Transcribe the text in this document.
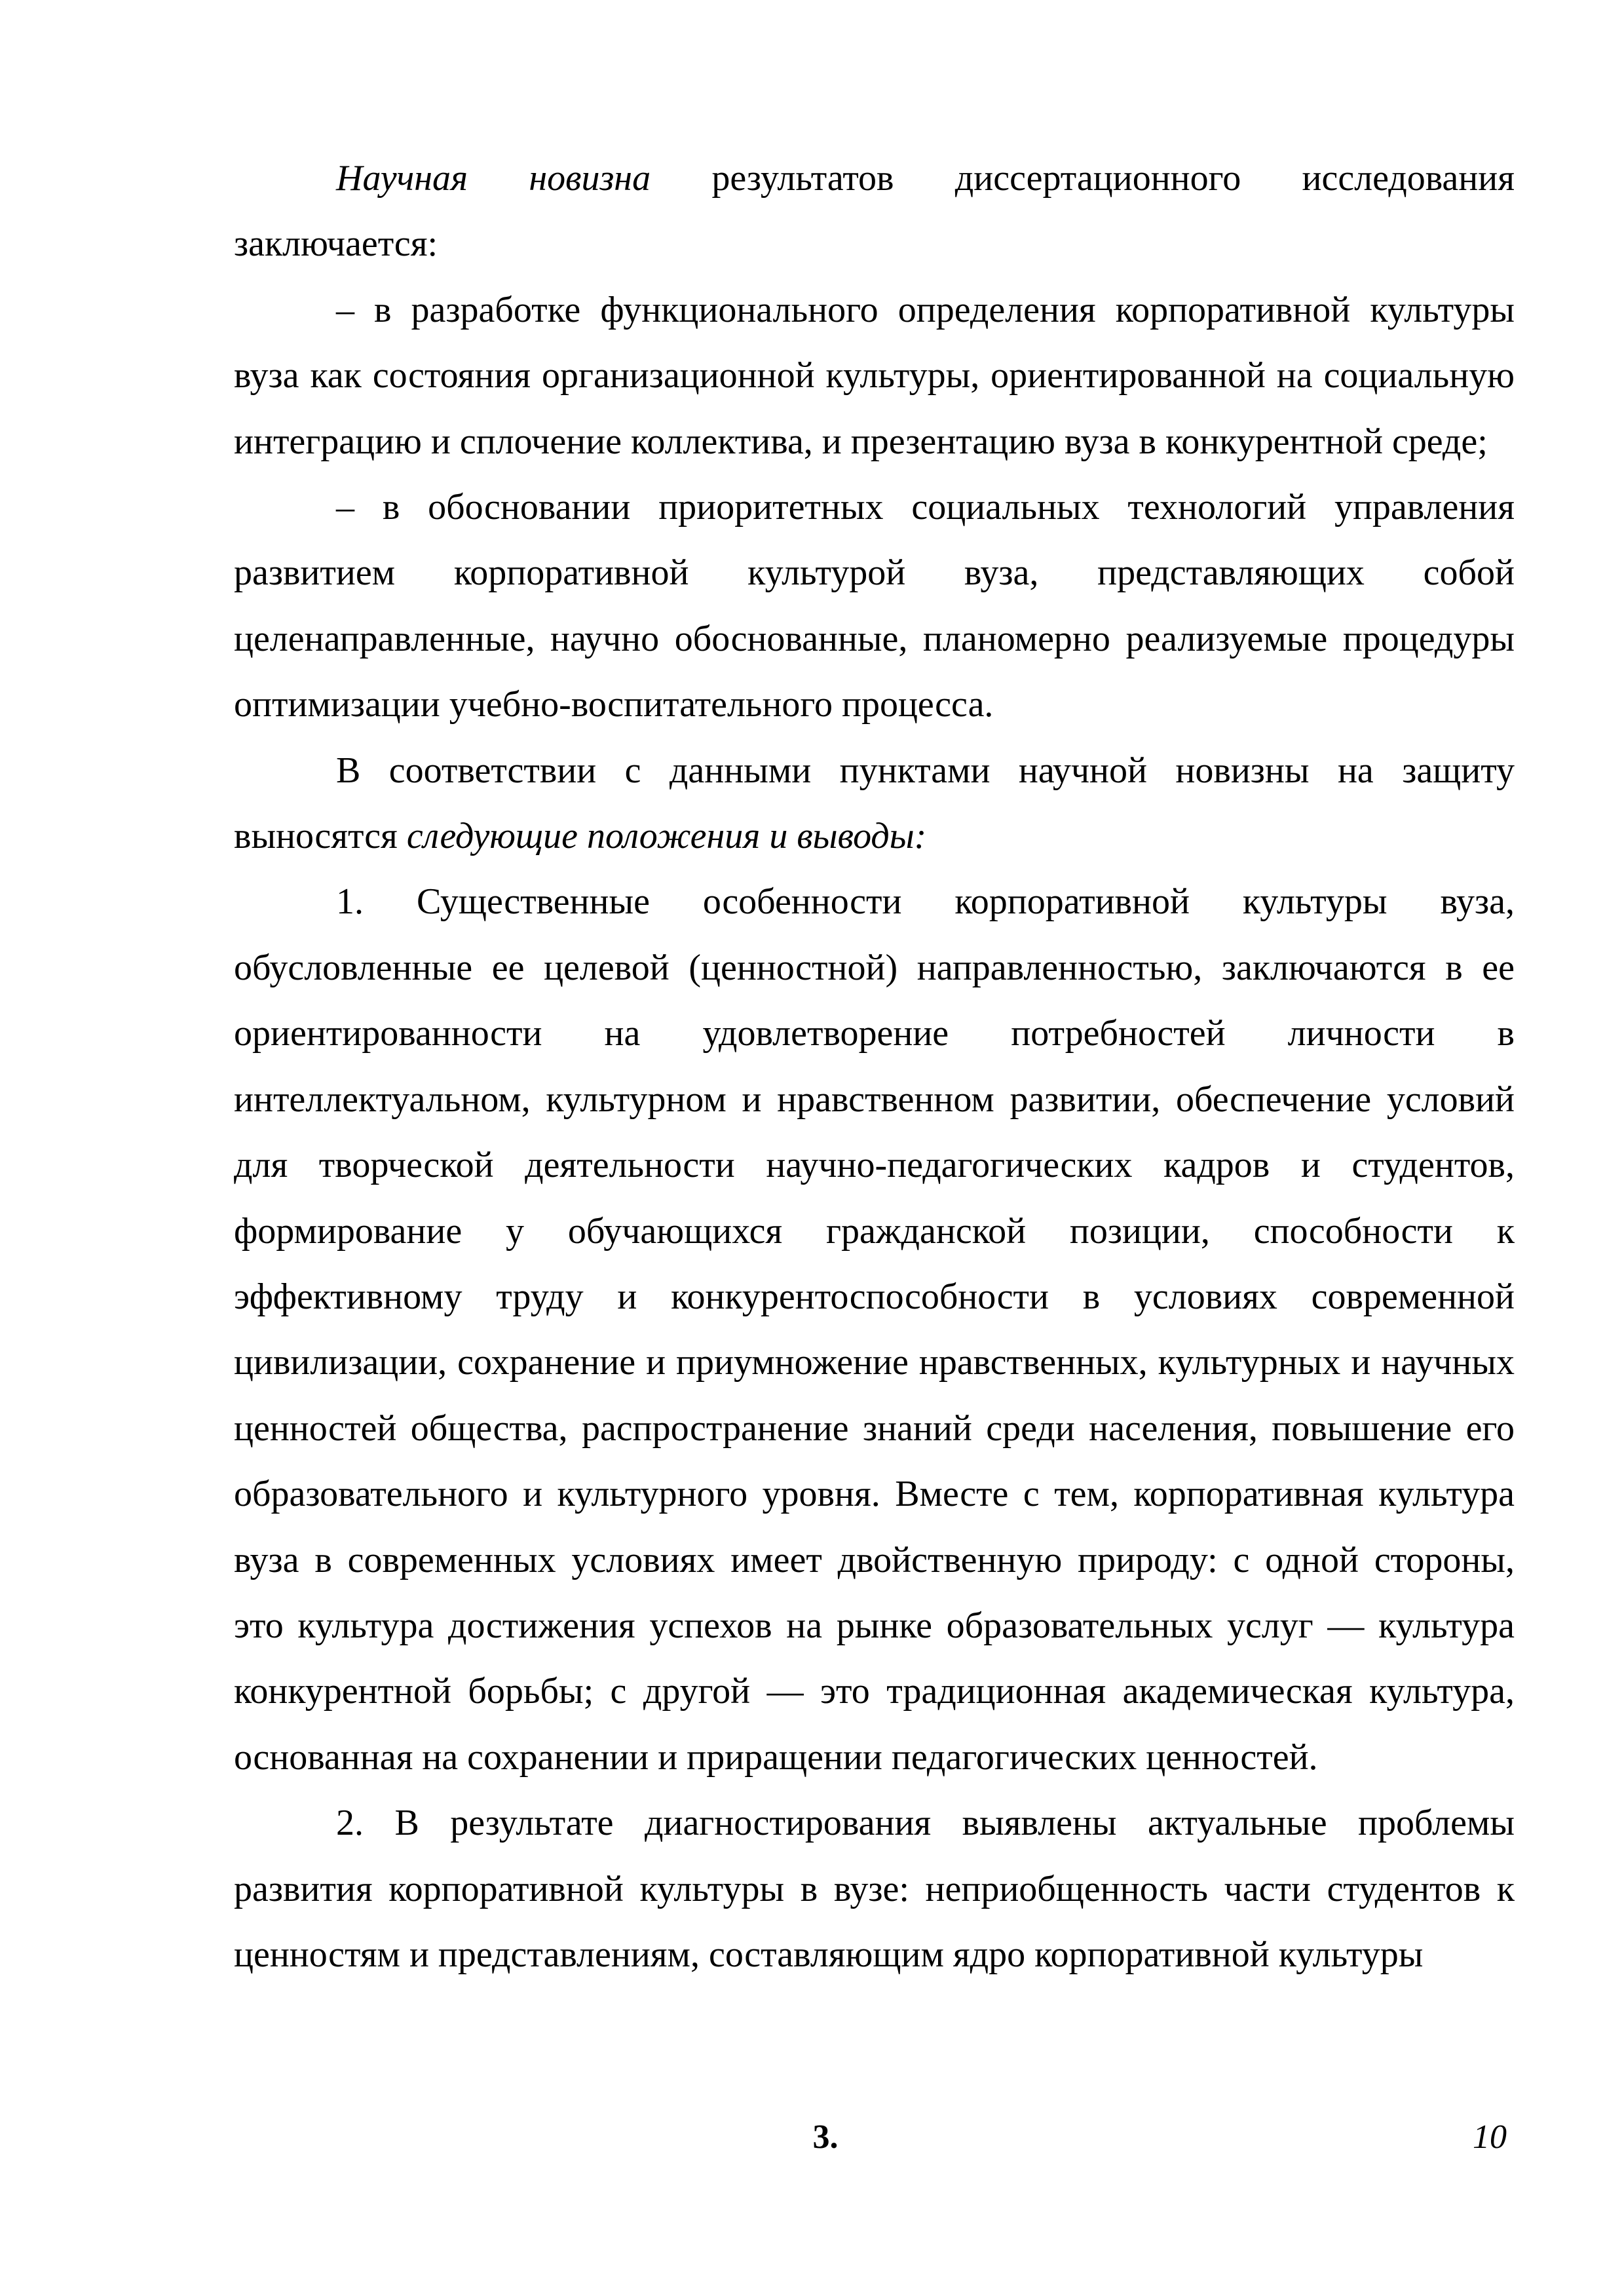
Научная новизна результатов диссертационного исследования заключается:

– в разработке функционального определения корпоративной культуры вуза как состояния организационной культуры, ориентированной на социальную интеграцию и сплочение коллектива, и презентацию вуза в конкурентной среде;

– в обосновании приоритетных социальных технологий управления развитием корпоративной культурой вуза, представляющих собой целенаправленные, научно обоснованные, планомерно реализуемые процедуры оптимизации учебно-воспитательного процесса.

В соответствии с данными пунктами научной новизны на защиту выносятся следующие положения и выводы:

1. Существенные особенности корпоративной культуры вуза, обусловленные ее целевой (ценностной) направленностью, заключаются в ее ориентированности на удовлетворение потребностей личности в интеллектуальном, культурном и нравственном развитии, обеспечение условий для творческой деятельности научно-педагогических кадров и студентов, формирование у обучающихся гражданской позиции, способности к эффективному труду и конкурентоспособности в условиях современной цивилизации, сохранение и приумножение нравственных, культурных и научных ценностей общества, распространение знаний среди населения, повышение его образовательного и культурного уровня. Вместе с тем, корпоративная культура вуза в современных условиях имеет двойственную природу: с одной стороны, это культура достижения успехов на рынке образовательных услуг — культура конкурентной борьбы; с другой — это традиционная академическая культура, основанная на сохранении и приращении педагогических ценностей.

2. В результате диагностирования выявлены актуальные проблемы развития корпоративной культуры в вузе: неприобщенность части студентов к ценностям и представлениям, составляющим ядро корпоративной культуры

3.	10
